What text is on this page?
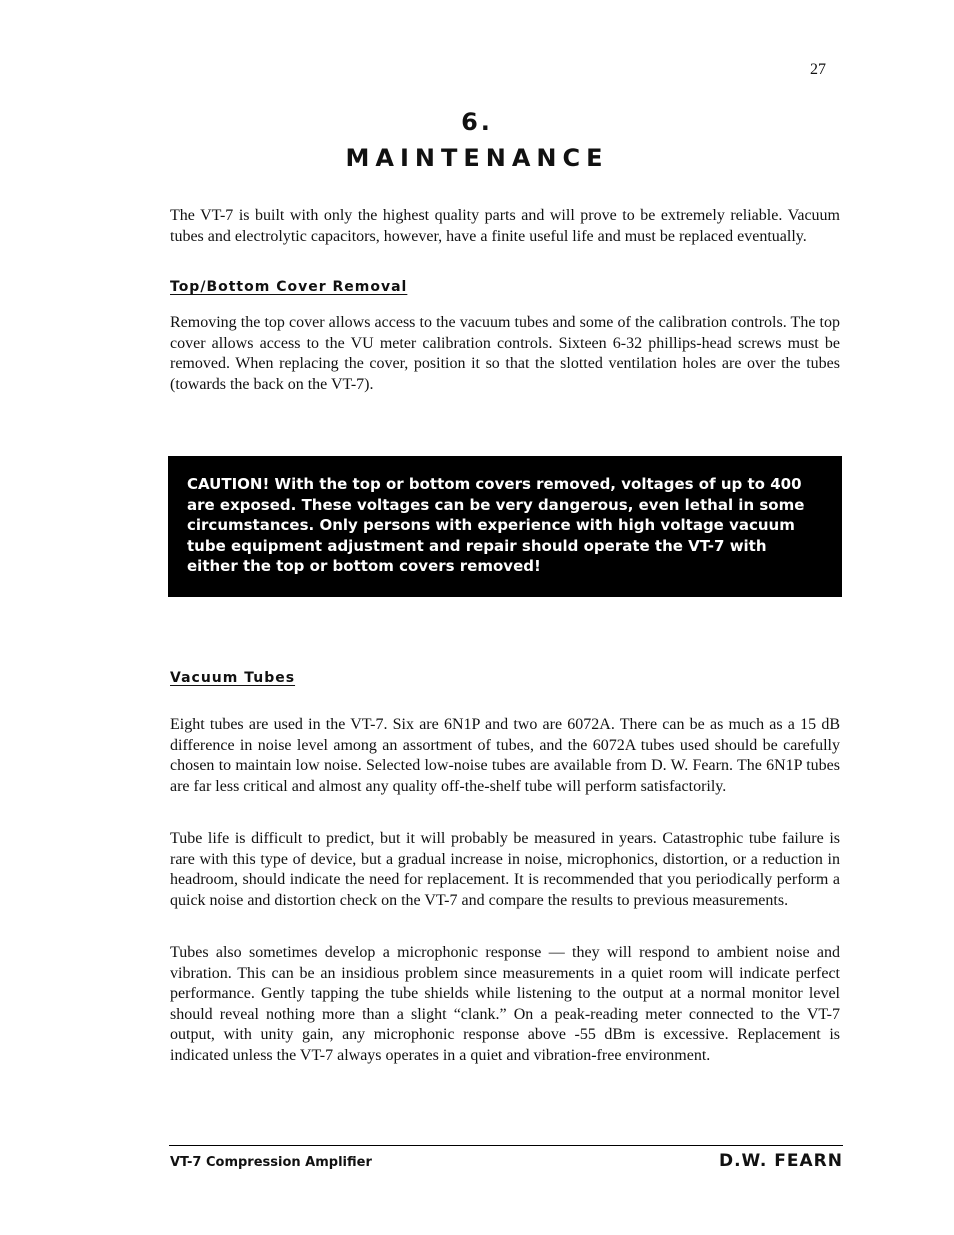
27
6.
MAINTENANCE

The VT-7 is built with only the highest quality parts and will prove to be extremely reliable. Vacuum tubes and electrolytic capacitors, however, have a finite useful life and must be replaced eventually.

Top/Bottom Cover Removal

Removing the top cover allows access to the vacuum tubes and some of the calibration controls. The top cover allows access to the VU meter calibration controls. Sixteen 6-32 phillips-head screws must be removed. When replacing the cover, position it so that the slotted ventilation holes are over the tubes (towards the back on the VT-7).

CAUTION! With the top or bottom covers removed, voltages of up to 400 are exposed. These voltages can be very dangerous, even lethal in some circumstances. Only persons with experience with high voltage vacuum tube equipment adjustment and repair should operate the VT-7 with either the top or bottom covers removed!

Vacuum Tubes

Eight tubes are used in the VT-7. Six are 6N1P and two are 6072A. There can be as much as a 15 dB difference in noise level among an assortment of tubes, and the 6072A tubes used should be carefully chosen to maintain low noise. Selected low-noise tubes are available from D. W. Fearn. The 6N1P tubes are far less critical and almost any quality off-the-shelf tube will perform satisfactorily.

Tube life is difficult to predict, but it will probably be measured in years. Catastrophic tube failure is rare with this type of device, but a gradual increase in noise, microphonics, distortion, or a reduction in headroom, should indicate the need for replacement. It is recommended that you periodically perform a quick noise and distortion check on the VT-7 and compare the results to previous measurements.

Tubes also sometimes develop a microphonic response — they will respond to ambient noise and vibration. This can be an insidious problem since measurements in a quiet room will indicate perfect performance. Gently tapping the tube shields while listening to the output at a normal monitor level should reveal nothing more than a slight “clank.” On a peak-reading meter connected to the VT-7 output, with unity gain, any microphonic response above -55 dBm is excessive. Replacement is indicated unless the VT-7 always operates in a quiet and vibration-free environment.

VT-7 Compression Amplifier	D.W. FEARN
